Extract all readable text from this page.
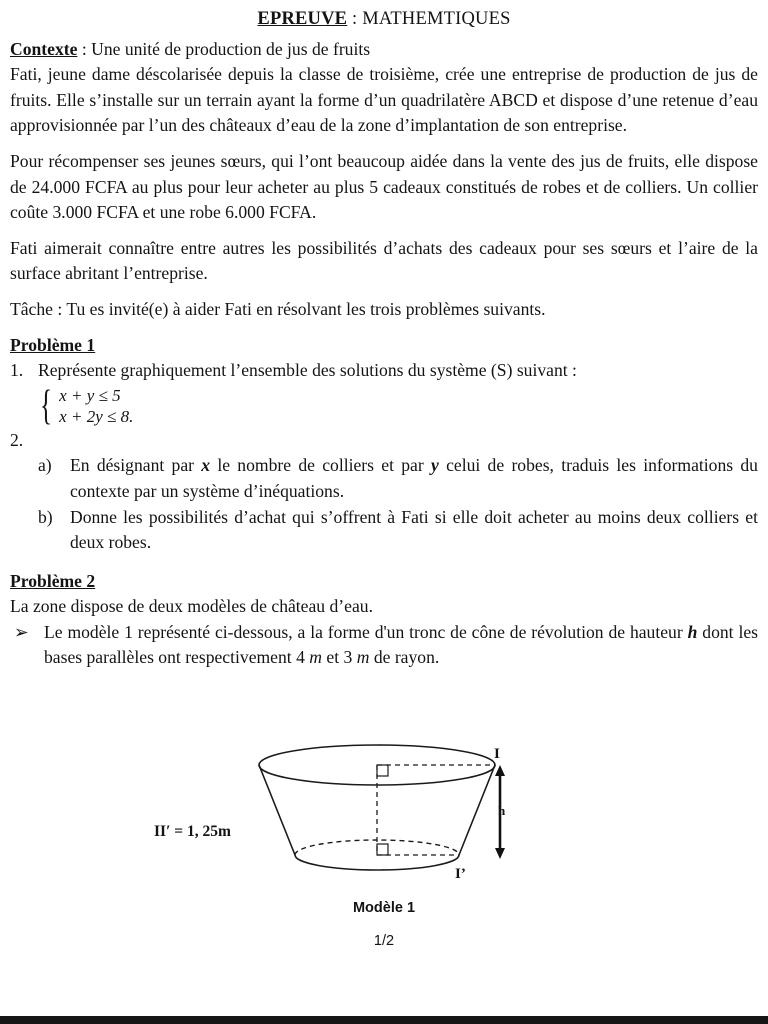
EPREUVE : MATHEMTIQUES
Contexte : Une unité de production de jus de fruits

Fati, jeune dame déscolarisée depuis la classe de troisième, crée une entreprise de production de jus de fruits. Elle s’installe sur un terrain ayant la forme d’un quadrilatère ABCD et dispose d’une retenue d’eau approvisionnée par l’un des châteaux d’eau de la zone d’implantation de son entreprise.

Pour récompenser ses jeunes sœurs, qui l’ont beaucoup aidée dans la vente des jus de fruits, elle dispose de 24.000 FCFA au plus pour leur acheter au plus 5 cadeaux constitués de robes et de colliers. Un collier coûte 3.000 FCFA et une robe 6.000 FCFA.

Fati aimerait connaître entre autres les possibilités d’achats des cadeaux pour ses sœurs et l’aire de la surface abritant l’entreprise.

Tâche : Tu es invité(e) à aider Fati en résolvant les trois problèmes suivants.

Problème 1
1. Représente graphiquement l’ensemble des solutions du système (S) suivant :
{ x + y ≤ 5
x + 2y ≤ 8.
2.
a)	En désignant par x le nombre de colliers et par y celui de robes, traduis les informations du contexte par un système d’inéquations.
b) Donne les possibilités d’achat qui s’offrent à Fati si elle doit acheter au moins deux colliers et deux robes.
Problème 2

La zone dispose de deux modèles de château d’eau.

➢ Le modèle 1 représenté ci-dessous, a la forme d'un tronc de cône de révolution de hauteur h dont les bases parallèles ont respectivement 4 m et 3 m de rayon.
I
h
I’
II′ = 1, 25m
Modèle 1
1/2
